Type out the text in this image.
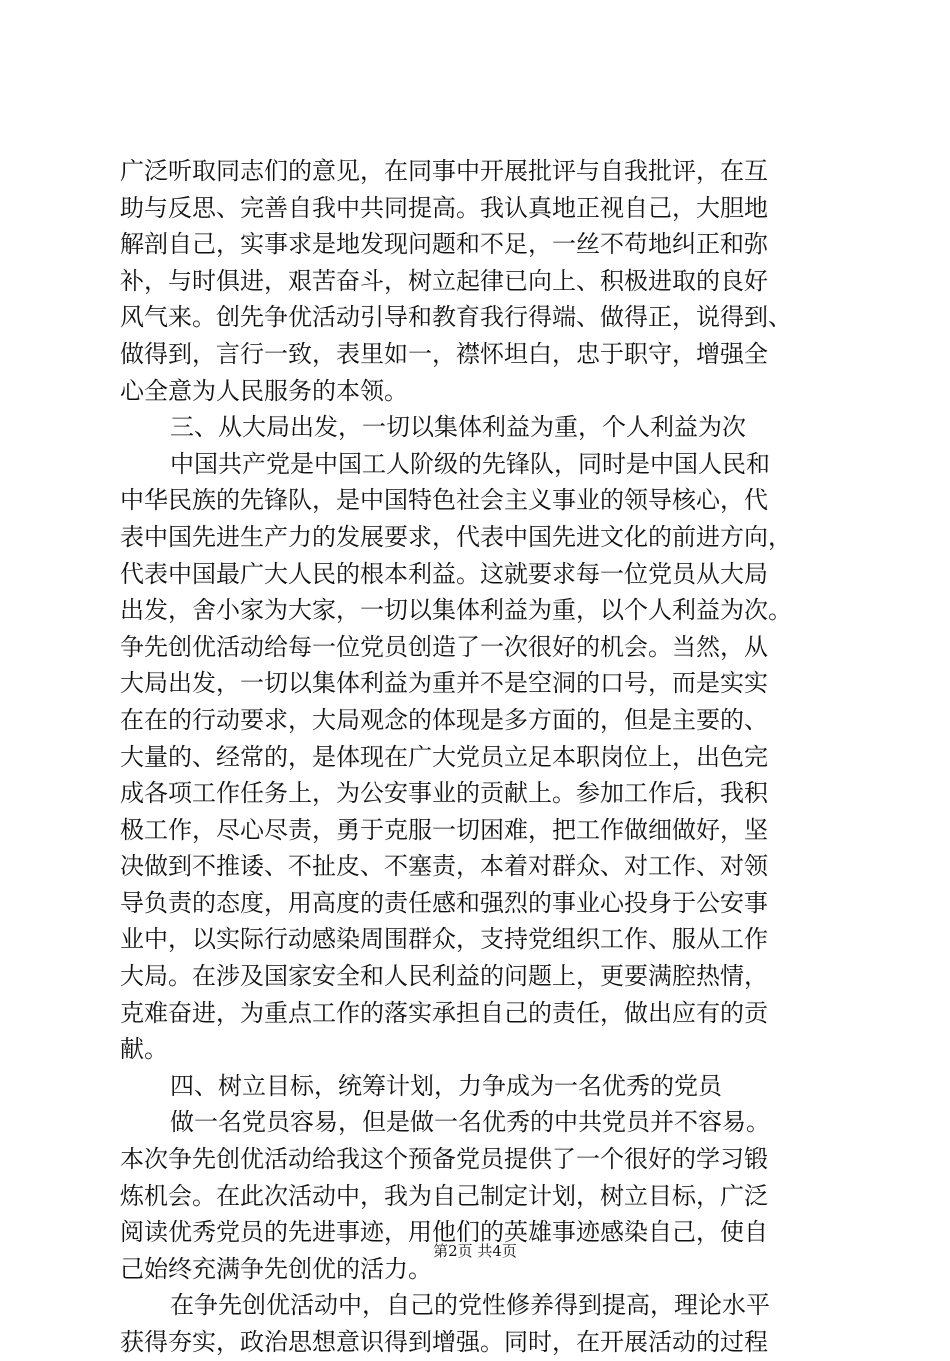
广泛听取同志们的意见，在同事中开展批评与自我批评，在互
助与反思、完善自我中共同提高。我认真地正视自己，大胆地
解剖自己，实事求是地发现问题和不足，一丝不苟地纠正和弥
补，与时俱进，艰苦奋斗，树立起律已向上、积极进取的良好
风气来。创先争优活动引导和教育我行得端、做得正，说得到、
做得到，言行一致，表里如一，襟怀坦白，忠于职守，增强全
心全意为人民服务的本领。
三、从大局出发，一切以集体利益为重，个人利益为次
中国共产党是中国工人阶级的先锋队，同时是中国人民和
中华民族的先锋队，是中国特色社会主义事业的领导核心，代
表中国先进生产力的发展要求，代表中国先进文化的前进方向，
代表中国最广大人民的根本利益。这就要求每一位党员从大局
出发，舍小家为大家，一切以集体利益为重，以个人利益为次。
争先创优活动给每一位党员创造了一次很好的机会。当然，从
大局出发，一切以集体利益为重并不是空洞的口号，而是实实
在在的行动要求，大局观念的体现是多方面的，但是主要的、
大量的、经常的，是体现在广大党员立足本职岗位上，出色完
成各项工作任务上，为公安事业的贡献上。参加工作后，我积
极工作，尽心尽责，勇于克服一切困难，把工作做细做好，坚
决做到不推诿、不扯皮、不塞责，本着对群众、对工作、对领
导负责的态度，用高度的责任感和强烈的事业心投身于公安事
业中，以实际行动感染周围群众，支持党组织工作、服从工作
大局。在涉及国家安全和人民利益的问题上，更要满腔热情，
克难奋进，为重点工作的落实承担自己的责任，做出应有的贡
献。
四、树立目标，统筹计划，力争成为一名优秀的党员
做一名党员容易，但是做一名优秀的中共党员并不容易。
本次争先创优活动给我这个预备党员提供了一个很好的学习锻
炼机会。在此次活动中，我为自己制定计划，树立目标，广泛
阅读优秀党员的先进事迹，用他们的英雄事迹感染自己，使自
己始终充满争先创优的活力。
在争先创优活动中，自己的党性修养得到提高，理论水平
获得夯实，政治思想意识得到增强。同时，在开展活动的过程
第2页 共4页
